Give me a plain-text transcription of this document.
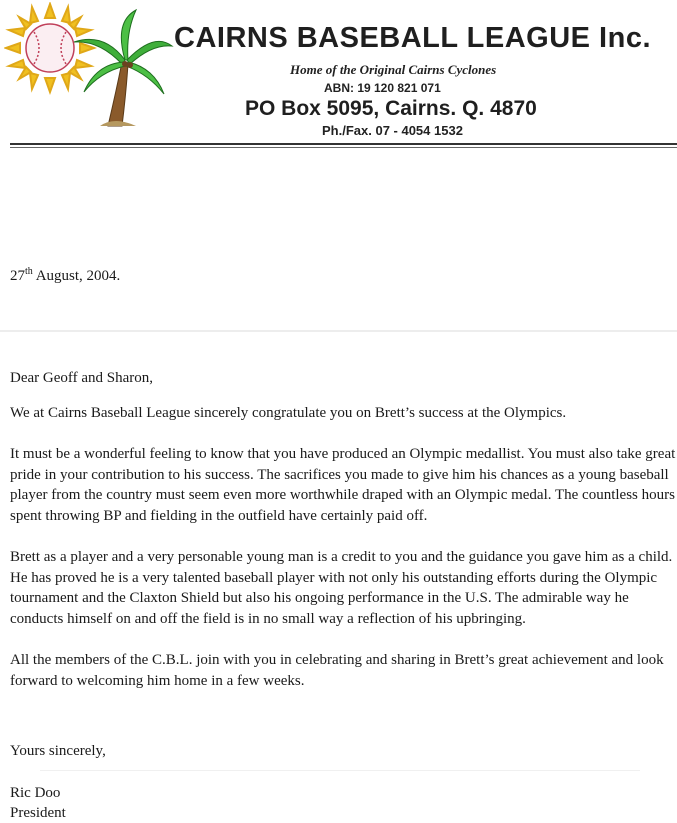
CAIRNS BASEBALL LEAGUE Inc.
Home of the Original Cairns Cyclones
ABN: 19 120 821 071
PO Box 5095, Cairns. Q. 4870
Ph./Fax. 07 - 4054 1532
27th August, 2004.

Dear Geoff and Sharon,

We at Cairns Baseball League sincerely congratulate you on Brett’s success at the Olympics.

It must be a wonderful feeling to know that you have produced an Olympic medallist. You must also take great pride in your contribution to his success. The sacrifices you made to give him his chances as a young baseball player from the country must seem even more worthwhile draped with an Olympic medal. The countless hours spent throwing BP and fielding in the outfield have certainly paid off.

Brett as a player and a very personable young man is a credit to you and the guidance you gave him as a child. He has proved he is a very talented baseball player with not only his outstanding efforts during the Olympic tournament and the Claxton Shield but also his ongoing performance in the U.S. The admirable way he conducts himself on and off the field is in no small way a reflection of his upbringing.

All the members of the C.B.L. join with you in celebrating and sharing in Brett’s great achievement and look forward to welcoming him home in a few weeks.

Yours sincerely,
Ric Doo
President
